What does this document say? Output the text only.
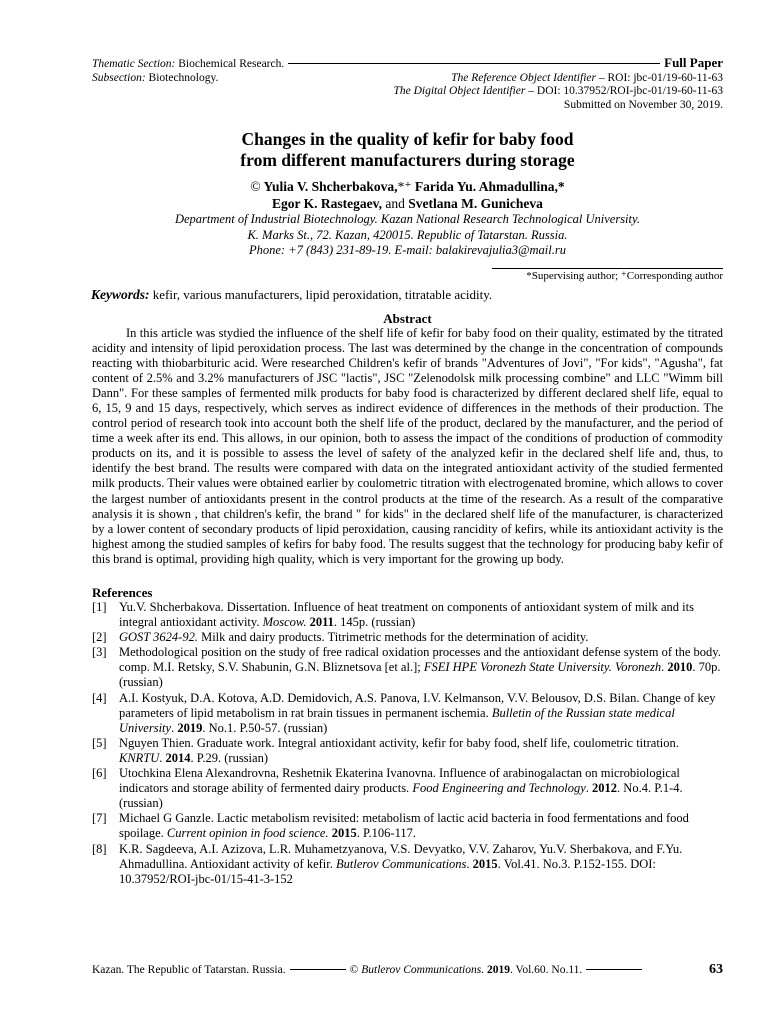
Thematic Section: Biochemical Research.	Full Paper
Subsection: Biotechnology.	The Reference Object Identifier – ROI: jbc-01/19-60-11-63
The Digital Object Identifier – DOI: 10.37952/ROI-jbc-01/19-60-11-63
Submitted on November 30, 2019.
Changes in the quality of kefir for baby food
from different manufacturers during storage
© Yulia V. Shcherbakova,*⁺ Farida Yu. Ahmadullina,*
Egor K. Rastegaev, and Svetlana M. Gunicheva
Department of Industrial Biotechnology. Kazan National Research Technological University.
K. Marks St., 72. Kazan, 420015. Republic of Tatarstan. Russia.
Phone: +7 (843) 231-89-19. E-mail: balakirevajulia3@mail.ru
*Supervising author; ⁺Corresponding author
Keywords: kefir, various manufacturers, lipid peroxidation, titratable acidity.
Abstract

In this article was stydied the influence of the shelf life of kefir for baby food on their quality, estimated by the titrated acidity and intensity of lipid peroxidation process. The last was determined by the change in the concentration of compounds reacting with thiobarbituric acid. Were researched Children's kefir of brands "Adventures of Jovi", "For kids", "Agusha", fat content of 2.5% and 3.2% manufacturers of JSC "lactis", JSC "Zelenodolsk milk processing combine" and LLC "Wimm bill Dann". For these samples of fermented milk products for baby food is characterized by different declared shelf life, equal to 6, 15, 9 and 15 days, respectively, which serves as indirect evidence of differences in the methods of their production. The control period of research took into account both the shelf life of the product, declared by the manufacturer, and the period of time a week after its end. This allows, in our opinion, both to assess the impact of the conditions of production of commodity products on its, and it is possible to assess the level of safety of the analyzed kefir in the declared shelf life and, thus, to identify the best brand. The results were compared with data on the integrated antioxidant activity of the studied fermented milk products. Their values were obtained earlier by coulometric titration with electrogenated bromine, which allows to cover the largest number of antioxidants present in the control products at the time of the research. As a result of the comparative analysis it is shown , that children's kefir, the brand " for kids" in the declared shelf life of the manufacturer, is characterized by a lower content of secondary products of lipid peroxidation, causing rancidity of kefirs, while its antioxidant activity is the highest among the studied samples of kefirs for baby food. The results suggest that the technology for producing baby kefir of this brand is optimal, providing high quality, which is very important for the growing up body.

References
[1] Yu.V. Shcherbakova. Dissertation. Influence of heat treatment on components of antioxidant system of milk and its integral antioxidant activity. Moscow. 2011. 145p. (russian)
[2] GOST 3624-92. Milk and dairy products. Titrimetric methods for the determination of acidity.
[3] Methodological position on the study of free radical oxidation processes and the antioxidant defense system of the body. comp. M.I. Retsky, S.V. Shabunin, G.N. Bliznetsova [et al.]; FSEI HPE Voronezh State University. Voronezh. 2010. 70p. (russian)
[4] A.I. Kostyuk, D.A. Kotova, A.D. Demidovich, A.S. Panova, I.V. Kelmanson, V.V. Belousov, D.S. Bilan. Change of key parameters of lipid metabolism in rat brain tissues in permanent ischemia. Bulletin of the Russian state medical University. 2019. No.1. P.50-57. (russian)
[5] Nguyen Thien. Graduate work. Integral antioxidant activity, kefir for baby food, shelf life, coulometric titration. KNRTU. 2014. P.29. (russian)
[6] Utochkina Elena Alexandrovna, Reshetnik Ekaterina Ivanovna. Influence of arabinogalactan on microbiological indicators and storage ability of fermented dairy products. Food Engineering and Technology. 2012. No.4. P.1-4. (russian)
[7] Michael G Ganzle. Lactic metabolism revisited: metabolism of lactic acid bacteria in food fermentations and food spoilage. Current opinion in food science. 2015. P.106-117.
[8] K.R. Sagdeeva, A.I. Azizova, L.R. Muhametzyanova, V.S. Devyatko, V.V. Zaharov, Yu.V. Sherbakova, and F.Yu. Ahmadullina. Antioxidant activity of kefir. Butlerov Communications. 2015. Vol.41. No.3. P.152-155. DOI: 10.37952/ROI-jbc-01/15-41-3-152
Kazan. The Republic of Tatarstan. Russia.	©
Butlerov Communications.
2019 . Vol.60. No.11.	63
